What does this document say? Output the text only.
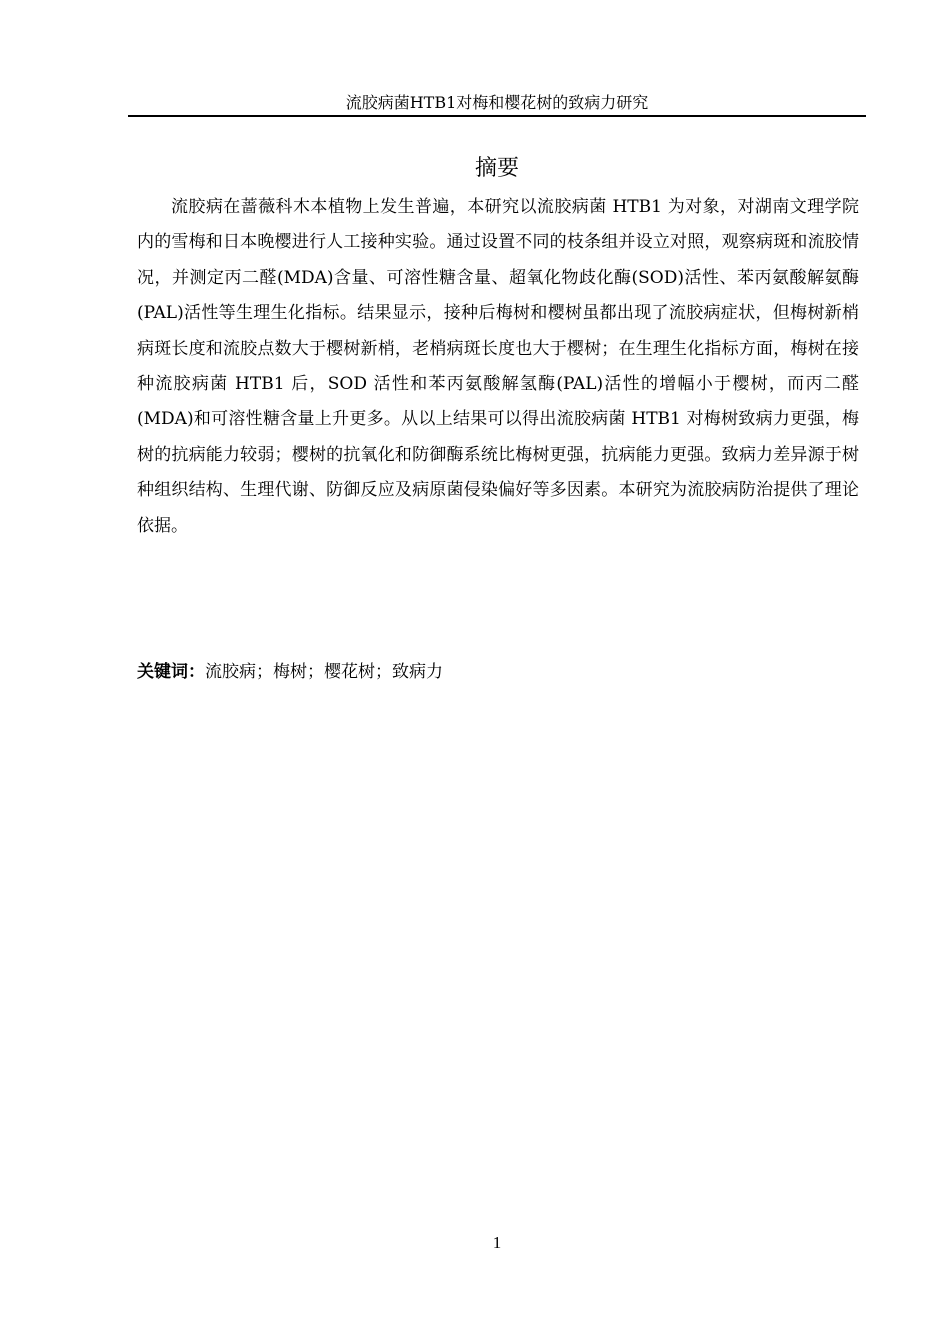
流胶病菌HTB1对梅和樱花树的致病力研究
摘要

流胶病在蔷薇科木本植物上发生普遍，本研究以流胶病菌 HTB1 为对象，对湖南文理学院内的雪梅和日本晚樱进行人工接种实验。通过设置不同的枝条组并设立对照，观察病斑和流胶情况，并测定丙二醛(MDA)含量、可溶性糖含量、超氧化物歧化酶(SOD)活性、苯丙氨酸解氨酶(PAL)活性等生理生化指标。结果显示，接种后梅树和樱树虽都出现了流胶病症状，但梅树新梢病斑长度和流胶点数大于樱树新梢，老梢病斑长度也大于樱树；在生理生化指标方面，梅树在接种流胶病菌 HTB1 后，SOD 活性和苯丙氨酸解氢酶(PAL)活性的增幅小于樱树，而丙二醛(MDA)和可溶性糖含量上升更多。从以上结果可以得出流胶病菌 HTB1 对梅树致病力更强，梅树的抗病能力较弱；樱树的抗氧化和防御酶系统比梅树更强，抗病能力更强。致病力差异源于树种组织结构、生理代谢、防御反应及病原菌侵染偏好等多因素。本研究为流胶病防治提供了理论依据。

关键词：流胶病；梅树；樱花树；致病力
1
